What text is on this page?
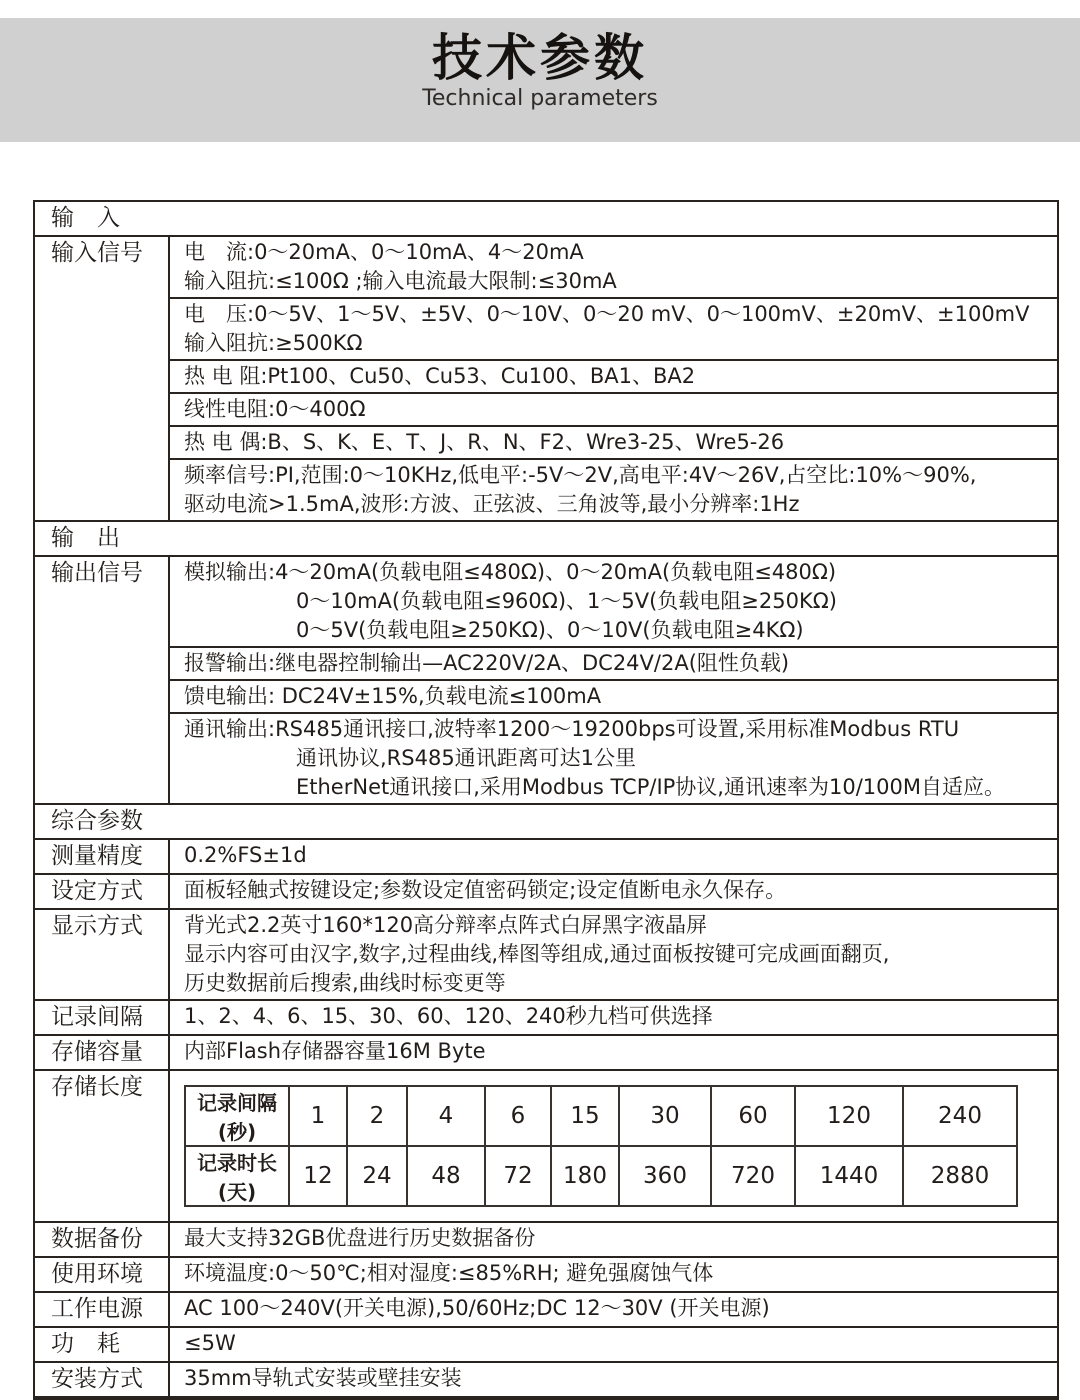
技术参数
Technical parameters
输　入
输入信号	电　流:0～20mA、0～10mA、4～20mA
输入阻抗:≤100Ω ;输入电流最大限制:≤30mA
电　压:0～5V、1～5V、±5V、0～10V、0～20 mV、0～100mV、±20mV、±100mV
输入阻抗:≥500KΩ
热 电 阻:Pt100、Cu50、Cu53、Cu100、BA1、BA2
线性电阻:0～400Ω
热 电 偶:B、S、K、E、T、J、R、N、F2、Wre3-25、Wre5-26
频率信号:PI,范围:0～10KHz,低电平:-5V～2V,高电平:4V～26V,占空比:10%～90%,
驱动电流>1.5mA,波形:方波、正弦波、三角波等,最小分辨率:1Hz
输　出
输出信号	模拟输出:4～20mA(负载电阻≤480Ω)、0～20mA(负载电阻≤480Ω)
0～10mA(负载电阻≤960Ω)、1～5V(负载电阻≥250KΩ)
0～5V(负载电阻≥250KΩ)、0～10V(负载电阻≥4KΩ)
报警输出:继电器控制输出—AC220V/2A、DC24V/2A(阻性负载)
馈电输出: DC24V±15%,负载电流≤100mA
通讯输出:RS485通讯接口,波特率1200～19200bps可设置,采用标准Modbus RTU
通讯协议,RS485通讯距离可达1公里
EtherNet通讯接口,采用Modbus TCP/IP协议,通讯速率为10/100M自适应。
综合参数
测量精度	0.2%FS±1d
设定方式	面板轻触式按键设定;参数设定值密码锁定;设定值断电永久保存。
显示方式	背光式2.2英寸160*120高分辩率点阵式白屏黑字液晶屏
显示内容可由汉字,数字,过程曲线,棒图等组成,通过面板按键可完成画面翻页,
历史数据前后搜索,曲线时标变更等
记录间隔	1、2、4、6、15、30、60、120、240秒九档可供选择
存储容量	内部Flash存储器容量16M Byte
存储长度
记录间隔(秒)	1	2	4	6	15	30	60	120	240
记录时长(天)	12	24	48	72	180	360	720	1440	2880
数据备份	最大支持32GB优盘进行历史数据备份
使用环境	环境温度:0～50℃;相对湿度:≤85%RH; 避免强腐蚀气体
工作电源	AC 100～240V(开关电源),50/60Hz;DC 12～30V (开关电源)
功　耗	≤5W
安装方式	35mm导轨式安装或壁挂安装
